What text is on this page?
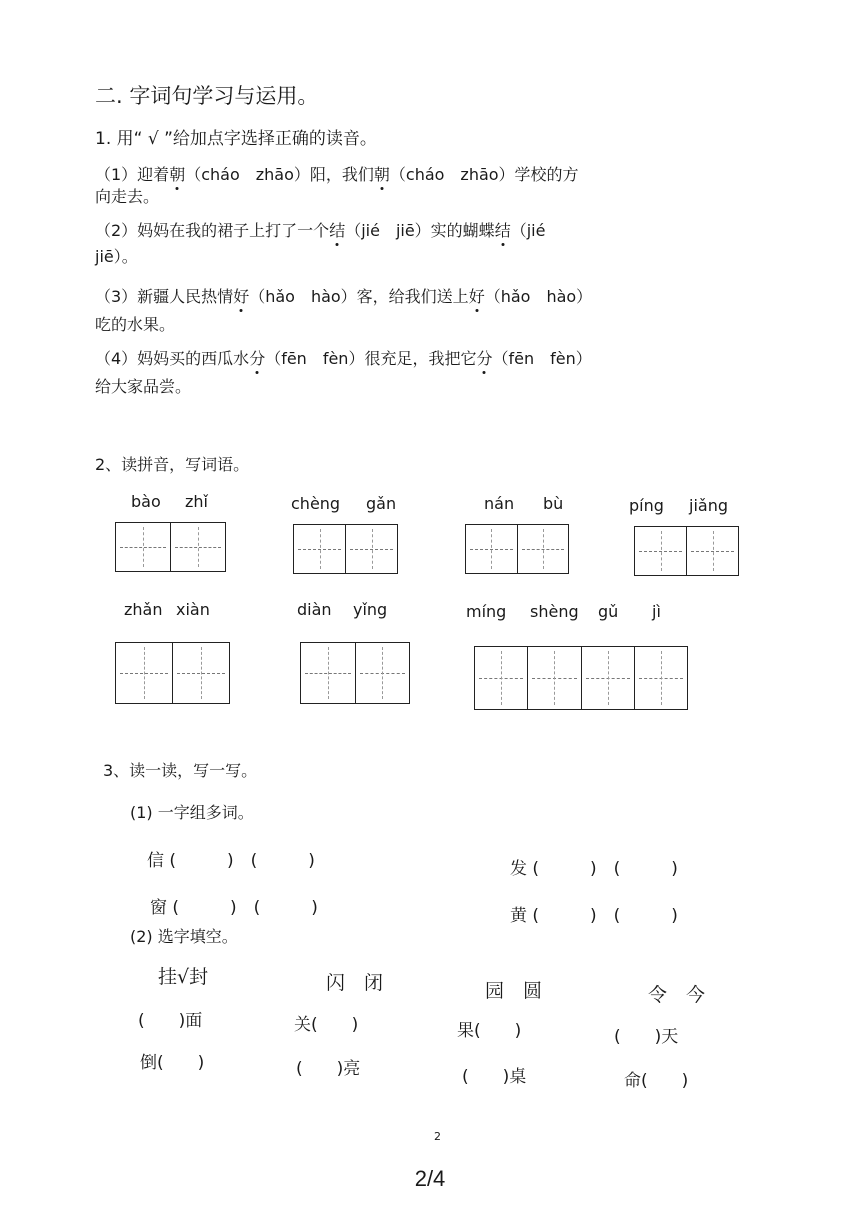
二. 字词句学习与运用。
1. 用“ √ ”给加点字选择正确的读音。
（1）迎着朝（cháo　zhāo）阳，我们朝（cháo　zhāo）学校的方
向走去。
（2）妈妈在我的裙子上打了一个结（jié　jiē）实的蝴蝶结（jié
jiē）。
（3）新疆人民热情好（hǎo　hào）客，给我们送上好（hǎo　hào）
吃的水果。
（4）妈妈买的西瓜水分（fēn　fèn）很充足，我把它分（fēn　fèn）
给大家品尝。
2、读拼音，写词语。
bào zhǐ	chèng gǎn	nán bù	píng jiǎng
zhǎn xiàn	diàn yǐng	míng shèng gǔ jì
3、读一读，写一写。
(1) 一字组多词。
信 (　　　)　(　　　)	发 (　　　)　(　　　)
窗 (　　　)　(　　　)	黄 (　　　)　(　　　)
(2) 选字填空。
挂√封
(　　)面
倒(　　)
闪　闭
关(　　)
(　　)亮
园　圆
果(　　)
(　　)桌
令　今
(　　)天
命(　　)
2
2/4
